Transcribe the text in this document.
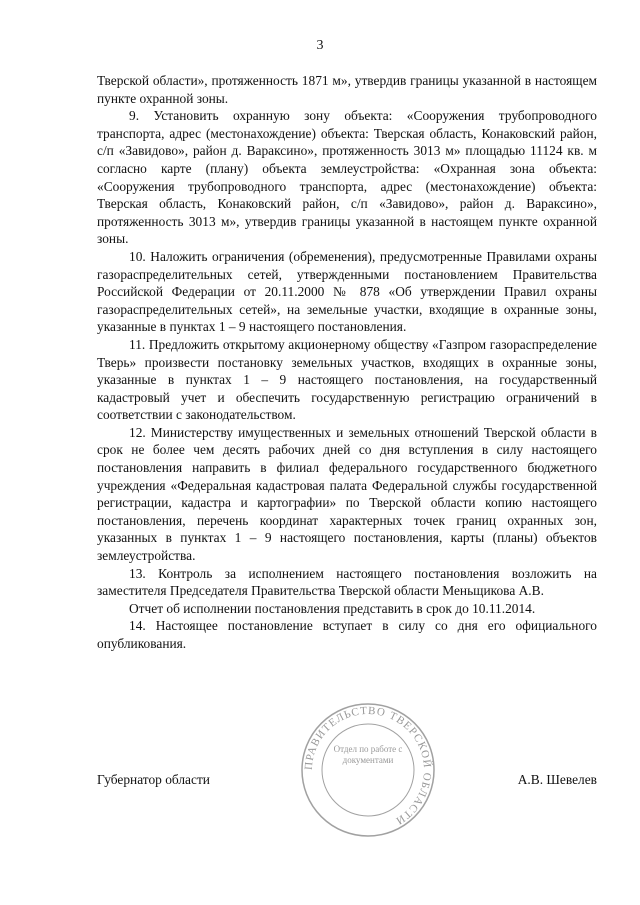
3

Тверской области», протяженность 1871 м», утвердив границы указанной в настоящем пункте охранной зоны.

9. Установить охранную зону объекта: «Сооружения трубопроводного транспорта, адрес (местонахождение) объекта: Тверская область, Конаковский район, с/п «Завидово», район д. Вараксино», протяженность 3013 м» площадью 11124 кв. м согласно карте (плану) объекта землеустройства: «Охранная зона объекта: «Сооружения трубопроводного транспорта, адрес (местонахождение) объекта: Тверская область, Конаковский район, с/п «Завидово», район д. Вараксино», протяженность 3013 м», утвердив границы указанной в настоящем пункте охранной зоны.

10. Наложить ограничения (обременения), предусмотренные Правилами охраны газораспределительных сетей, утвержденными постановлением Правительства Российской Федерации от 20.11.2000 № 878 «Об утверждении Правил охраны газораспределительных сетей», на земельные участки, входящие в охранные зоны, указанные в пунктах 1 – 9 настоящего постановления.

11. Предложить открытому акционерному обществу «Газпром газораспределение Тверь» произвести постановку земельных участков, входящих в охранные зоны, указанные в пунктах 1 – 9 настоящего постановления, на государственный кадастровый учет и обеспечить государственную регистрацию ограничений в соответствии с законодательством.

12. Министерству имущественных и земельных отношений Тверской области в срок не более чем десять рабочих дней со дня вступления в силу настоящего постановления направить в филиал федерального государственного бюджетного учреждения «Федеральная кадастровая палата Федеральной службы государственной регистрации, кадастра и картографии» по Тверской области копию настоящего постановления, перечень координат характерных точек границ охранных зон, указанных в пунктах 1 – 9 настоящего постановления, карты (планы) объектов землеустройства.

13. Контроль за исполнением настоящего постановления возложить на заместителя Председателя Правительства Тверской области Меньщикова А.В.

Отчет об исполнении постановления представить в срок до 10.11.2014.

14. Настоящее постановление вступает в силу со дня его официального опубликования.

ПРАВИТЕЛЬСТВО ТВЕРСКОЙ ОБЛАСТИ
Отдел по работе с документами
Губернатор области	А.В. Шевелев
